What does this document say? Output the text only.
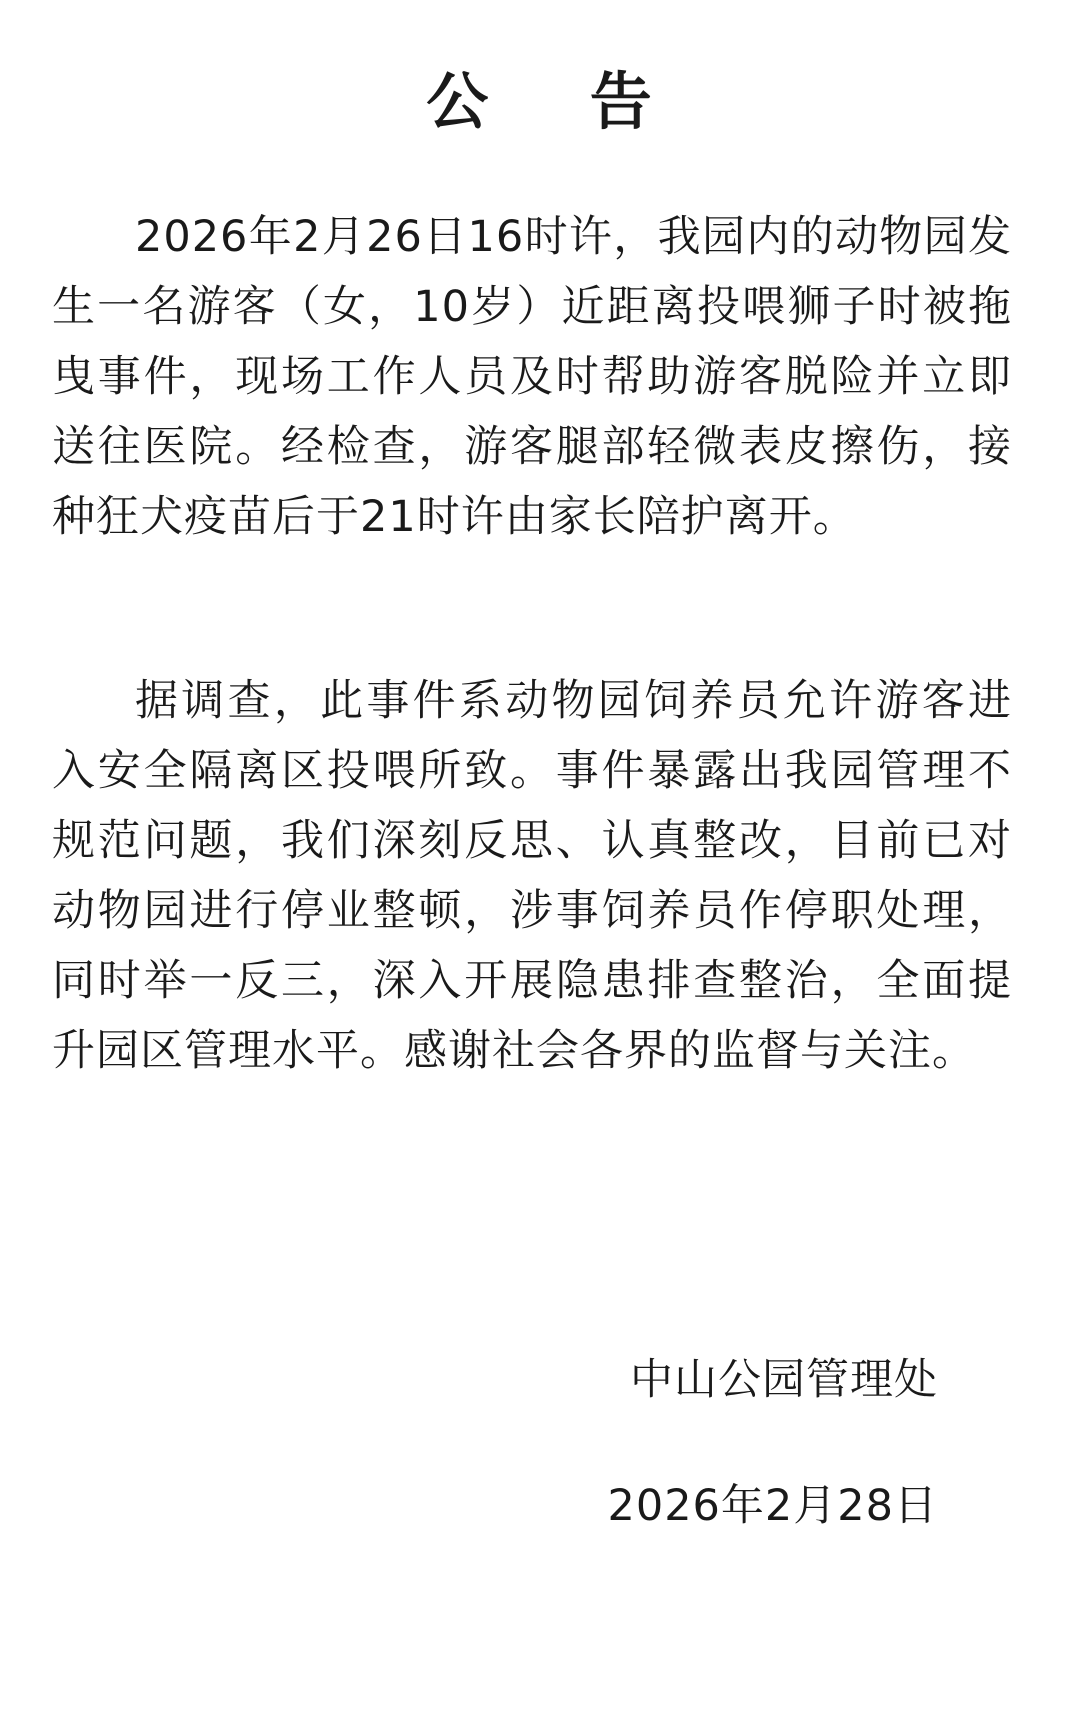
公 告

2026年2月26日16时许，我园内的动物园发生一名游客（女，10岁）近距离投喂狮子时被拖曳事件，现场工作人员及时帮助游客脱险并立即送往医院。经检查，游客腿部轻微表皮擦伤，接种狂犬疫苗后于21时许由家长陪护离开。

据调查，此事件系动物园饲养员允许游客进入安全隔离区投喂所致。事件暴露出我园管理不规范问题，我们深刻反思、认真整改，目前已对动物园进行停业整顿，涉事饲养员作停职处理，同时举一反三，深入开展隐患排查整治，全面提升园区管理水平。感谢社会各界的监督与关注。

中山公园管理处

2026年2月28日
